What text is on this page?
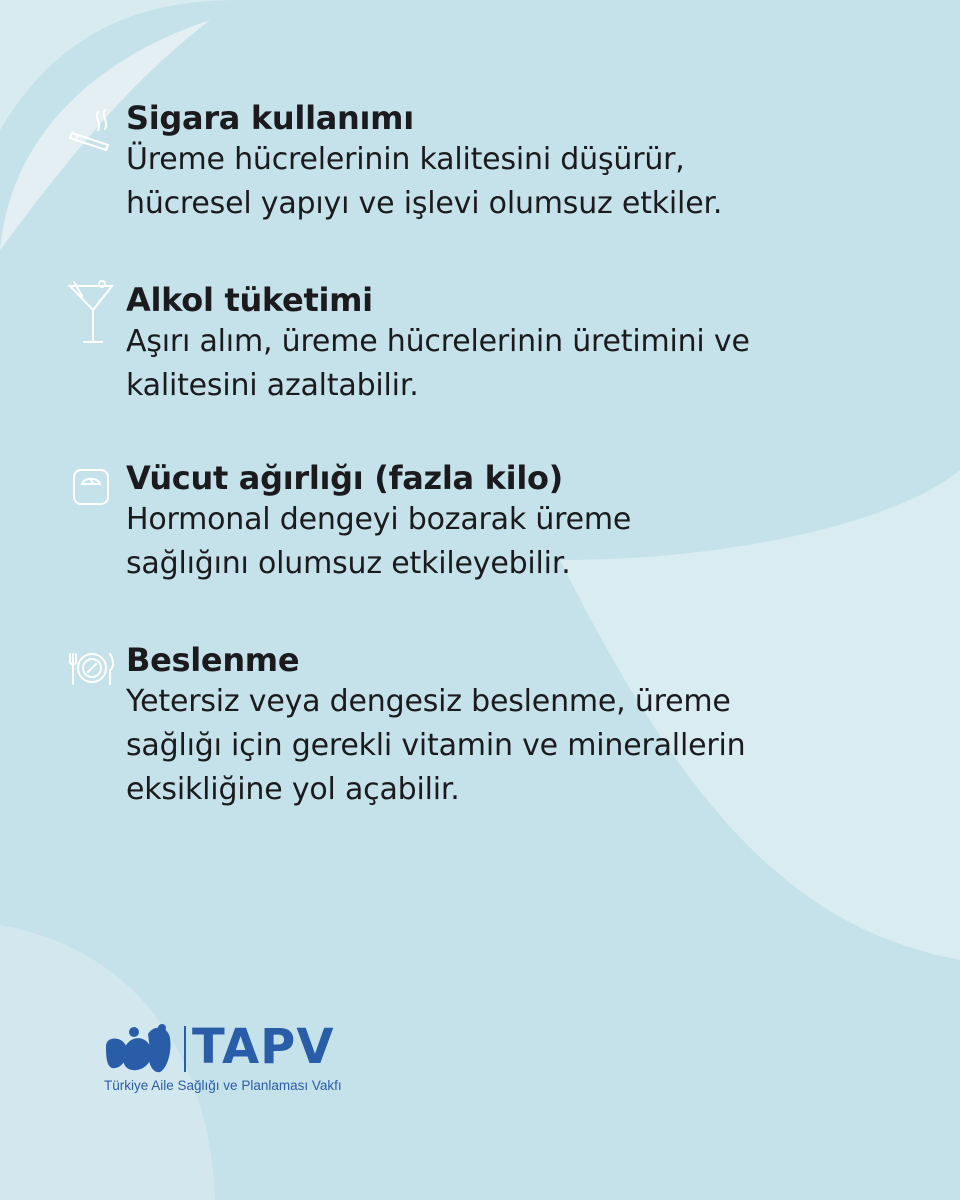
Sigara kullanımı
Üreme hücrelerinin kalitesini düşürür,
hücresel yapıyı ve işlevi olumsuz etkiler.
Alkol tüketimi
Aşırı alım, üreme hücrelerinin üretimini ve
kalitesini azaltabilir.
Vücut ağırlığı (fazla kilo)
Hormonal dengeyi bozarak üreme
sağlığını olumsuz etkileyebilir.
Beslenme
Yetersiz veya dengesiz beslenme, üreme
sağlığı için gerekli vitamin ve minerallerin
eksikliğine yol açabilir.
TAPV
Türkiye Aile Sağlığı ve Planlaması Vakfı
